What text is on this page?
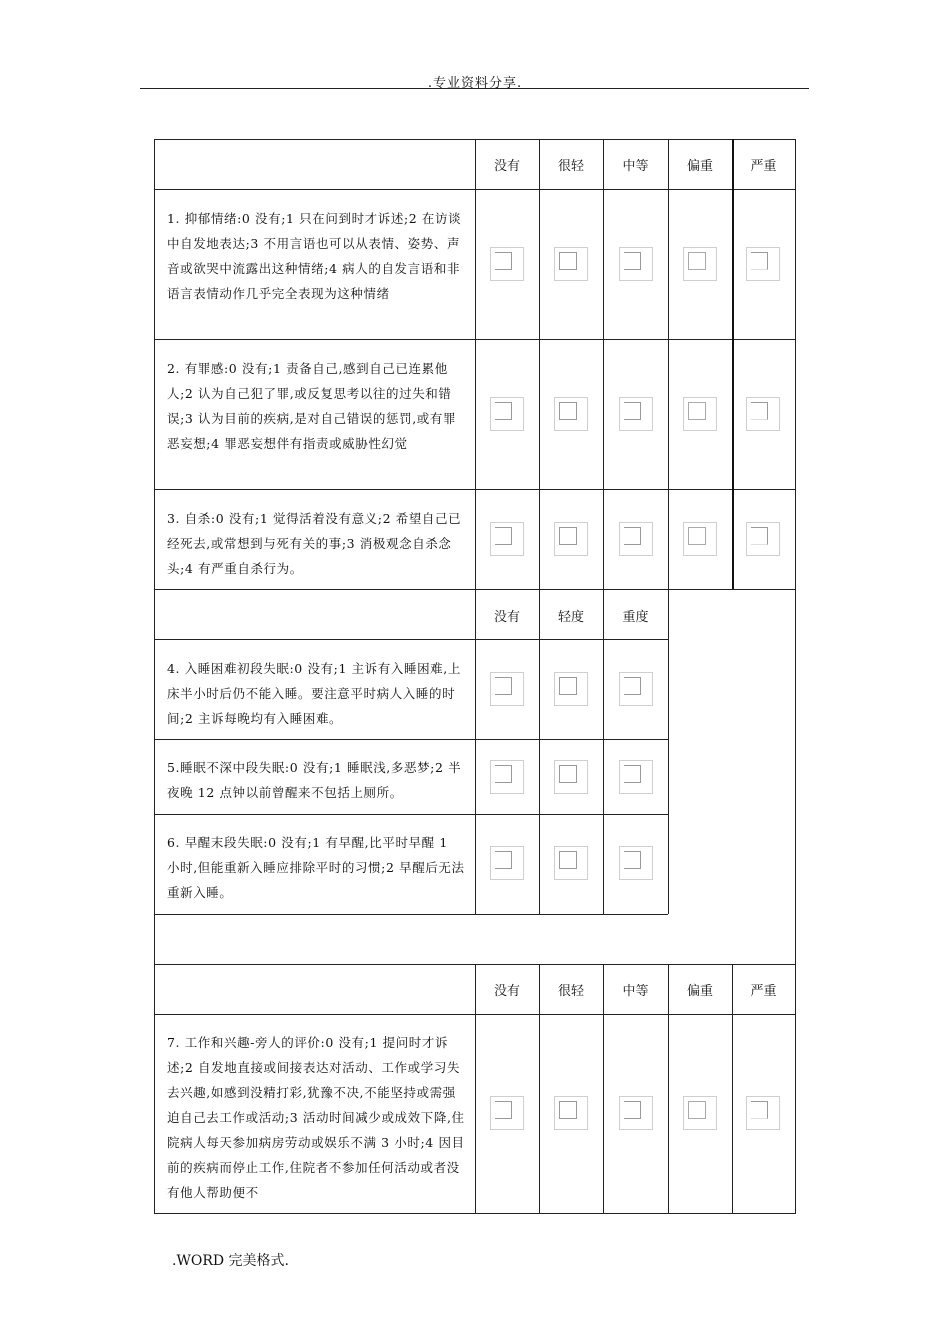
.专业资料分享.
没有	很轻	中等	偏重	严重
1. 抑郁情绪:0 没有;1 只在问到时才诉述;2 在访谈中自发地表达;3 不用言语也可以从表情、姿势、声音或欲哭中流露出这种情绪;4 病人的自发言语和非语言表情动作几乎完全表现为这种情绪
2. 有罪感:0 没有;1 责备自己,感到自己已连累他人;2 认为自己犯了罪,或反复思考以往的过失和错误;3 认为目前的疾病,是对自己错误的惩罚,或有罪恶妄想;4 罪恶妄想伴有指责或威胁性幻觉
3. 自杀:0 没有;1 觉得活着没有意义;2 希望自己已经死去,或常想到与死有关的事;3 消极观念自杀念头;4 有严重自杀行为。
没有	轻度	重度
4. 入睡困难初段失眠:0 没有;1 主诉有入睡困难,上床半小时后仍不能入睡。要注意平时病人入睡的时间;2 主诉每晚均有入睡困难。
5.睡眠不深中段失眠:0 没有;1 睡眠浅,多恶梦;2 半夜晚 12 点钟以前曾醒来不包括上厕所。
6. 早醒末段失眠:0 没有;1 有早醒,比平时早醒 1 小时,但能重新入睡应排除平时的习惯;2 早醒后无法重新入睡。
没有	很轻	中等	偏重	严重
7. 工作和兴趣-旁人的评价:0 没有;1 提问时才诉述;2 自发地直接或间接表达对活动、工作或学习失去兴趣,如感到没精打彩,犹豫不决,不能坚持或需强迫自己去工作或活动;3 活动时间减少或成效下降,住院病人每天参加病房劳动或娱乐不满 3 小时;4 因目前的疾病而停止工作,住院者不参加任何活动或者没有他人帮助便不
.WORD 完美格式.
